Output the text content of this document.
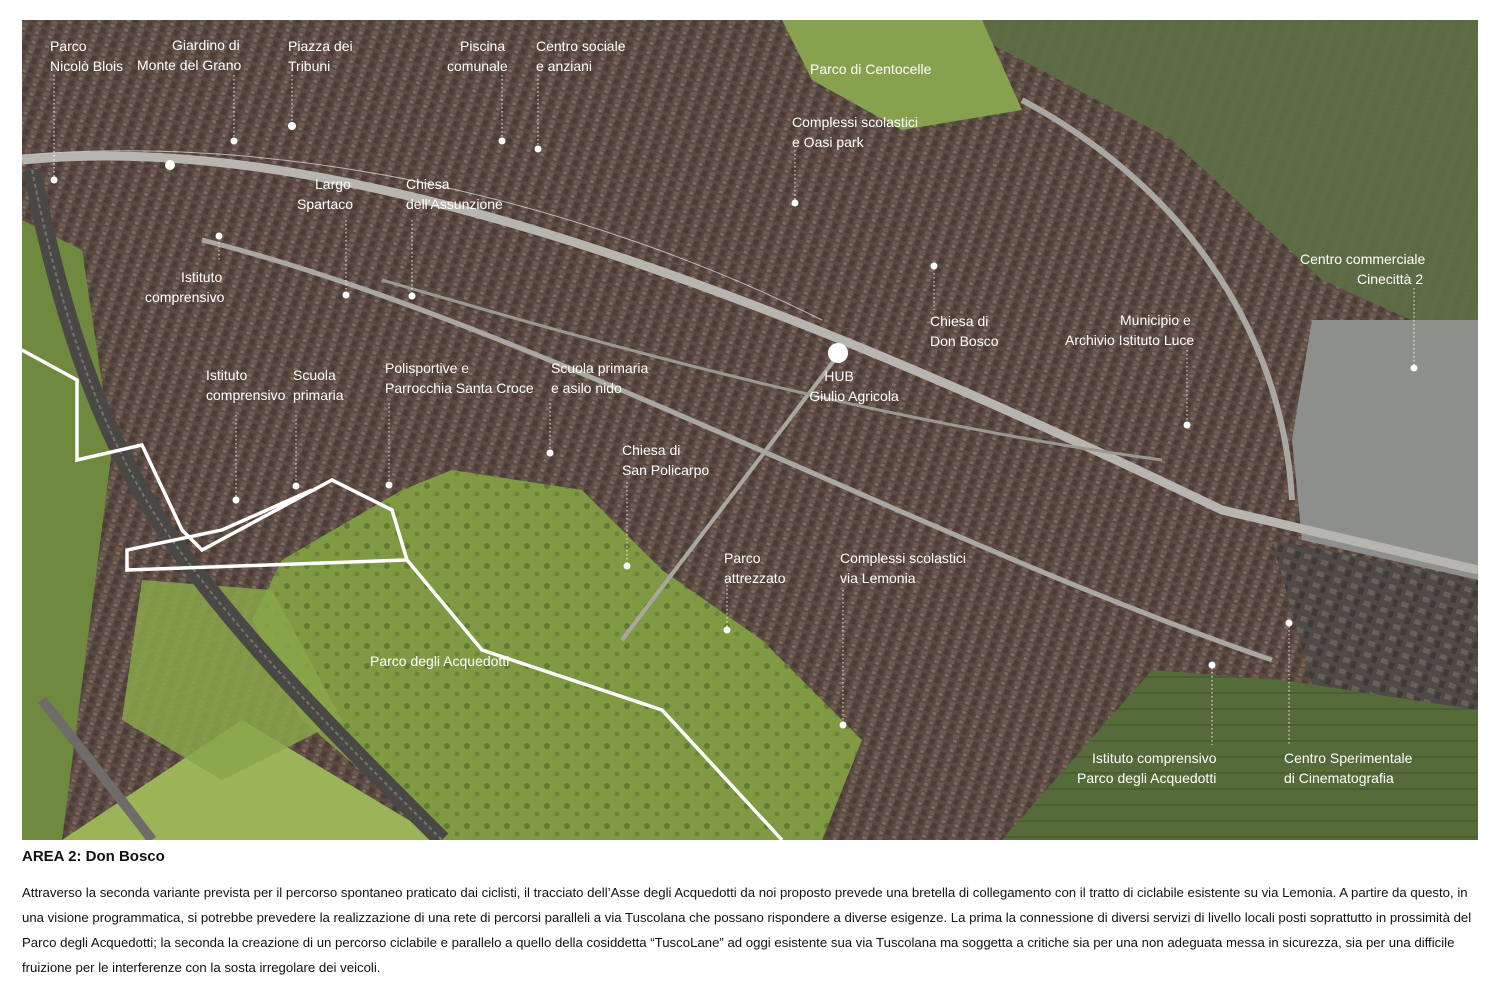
Parco
Nicolò Blois
Giardino di
Monte del Grano
Piazza dei
Tribuni
Piscina
comunale
Centro sociale
e anziani	Parco di Centocelle
Complessi scolastici
e Oasi park
Largo
Spartaco
Chiesa
dell'Assunzione
Istituto
comprensivo
Centro commerciale
Cinecittà 2
Chiesa di
Don Bosco
Municipio e
Archivio Istituto Luce
Istituto
comprensivo
Scuola
primaria
Polisportive e
Parrocchia Santa Croce
Scuola primaria
e asilo nido
HUB
Giulio Agricola
Chiesa di
San Policarpo
Parco
attrezzato
Complessi scolastici
via Lemonia
Parco degli Acquedotti
Istituto comprensivo
Parco degli Acquedotti
Centro Sperimentale
di Cinematografia
AREA 2: Don Bosco
Attraverso la seconda variante prevista per il percorso spontaneo praticato dai ciclisti, il tracciato dell’Asse degli Acquedotti da noi proposto prevede una bretella di collegamento con il tratto di ciclabile esistente su via Lemonia. A partire da questo, in una visione programmatica, si potrebbe prevedere la realizzazione di una rete di percorsi paralleli a via Tuscolana che possano rispondere a diverse esigenze. La prima la connessione di diversi servizi di livello locali posti soprattutto in prossimità del Parco degli Acquedotti; la seconda la creazione di un percorso ciclabile e parallelo a quello della cosiddetta “TuscoLane” ad oggi esistente sua via Tuscolana ma soggetta a critiche sia per una non adeguata messa in sicurezza, sia per una difficile fruizione per le interferenze con la sosta irregolare dei veicoli.
